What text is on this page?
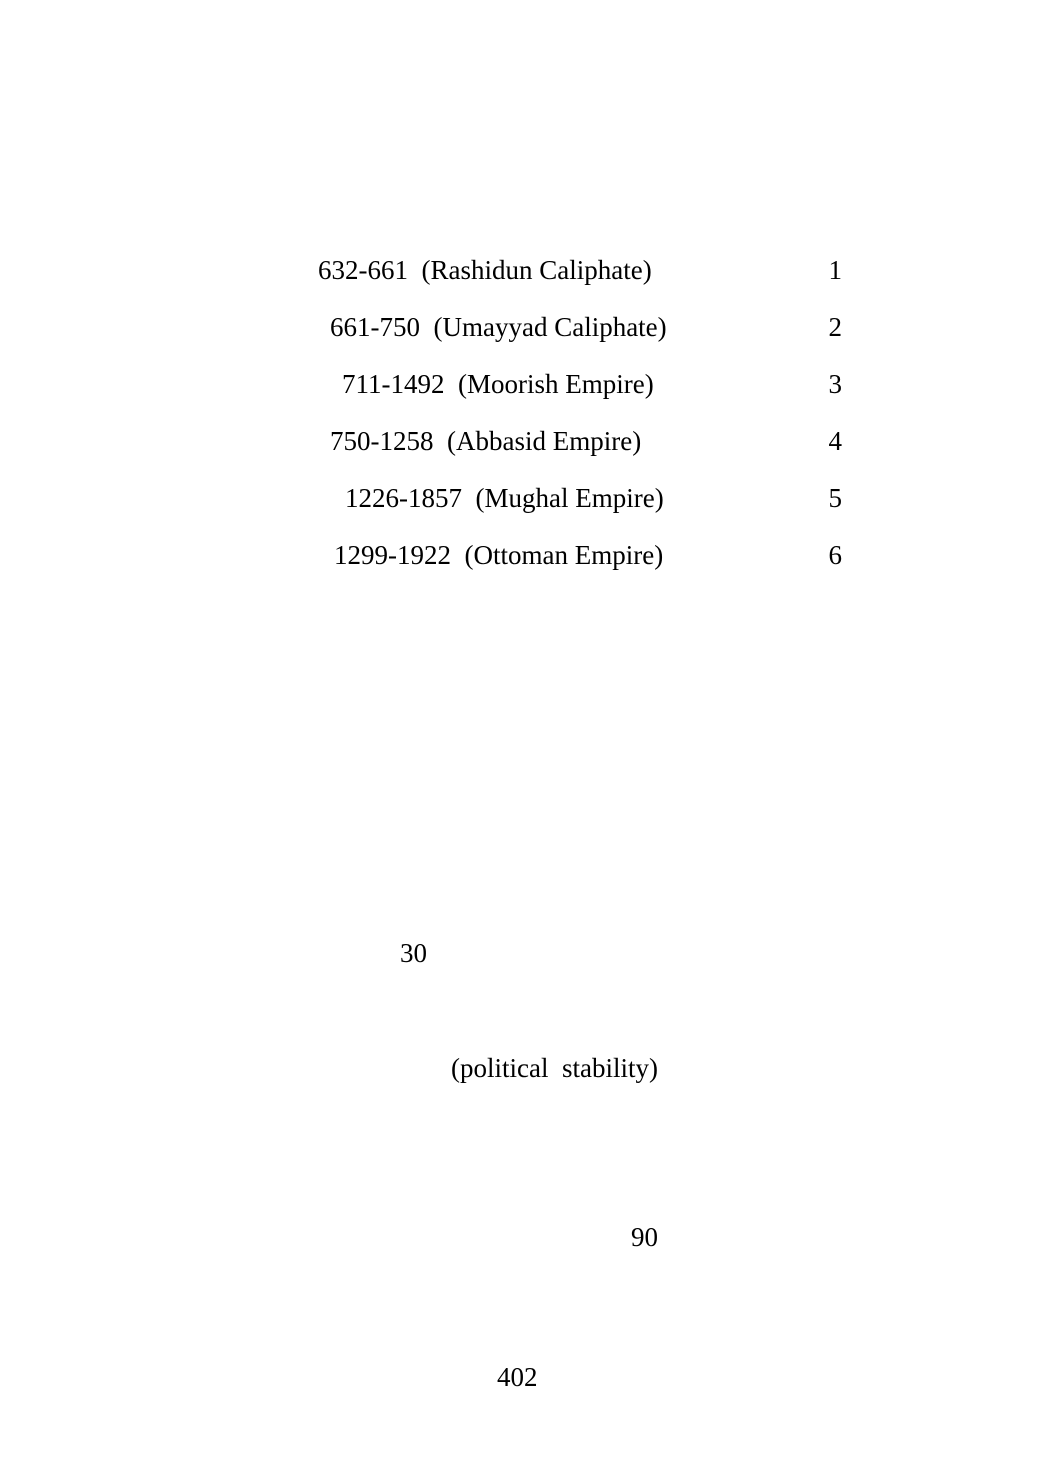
632-661  (Rashidun Caliphate)	1
661-750  (Umayyad Caliphate)	2
711-1492  (Moorish Empire)	3
750-1258  (Abbasid Empire)	4
1226-1857  (Mughal Empire)	5
1299-1922  (Ottoman Empire)	6
30
(political  stability)
90
402
